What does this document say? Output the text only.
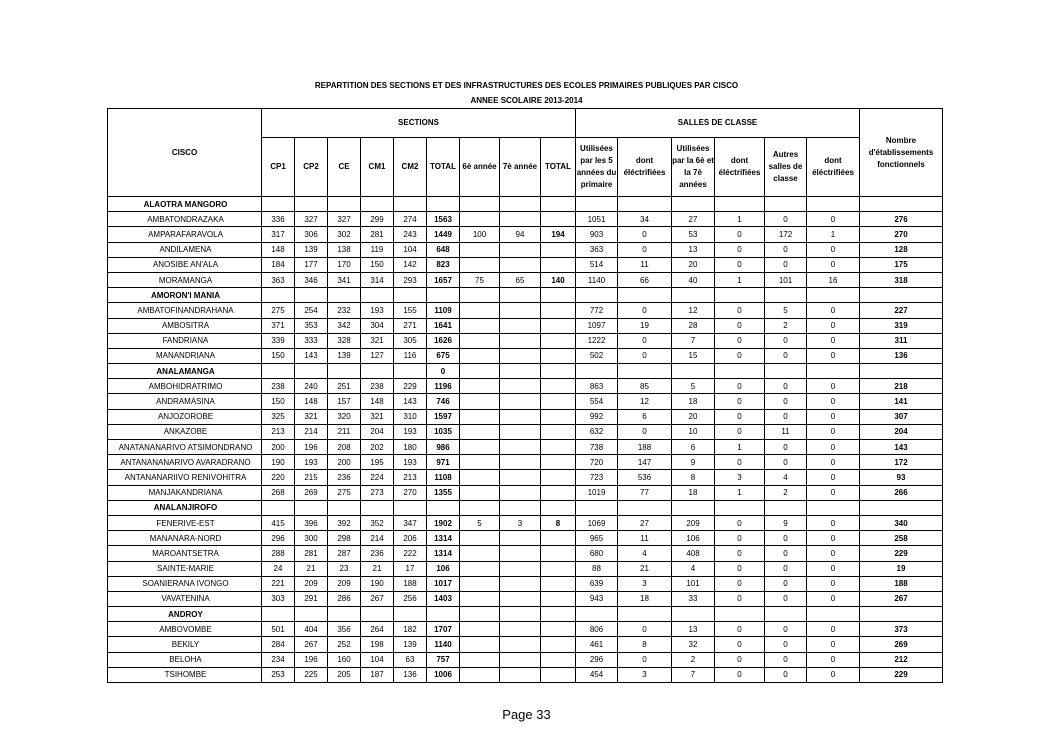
REPARTITION DES SECTIONS ET DES INFRASTRUCTURES DES ECOLES PRIMAIRES PUBLIQUES PAR CISCO
ANNEE SCOLAIRE 2013-2014
CISCO	SECTIONS									SALLES DE CLASSE						Nombre d'établissements fonctionnels
	CP1	CP2	CE	CM1	CM2	TOTAL	6è année	7è année	TOTAL	Utilisées par les 5 années du primaire	dont éléctrifiées	Utilisées par la 6è et la 7è années	dont éléctrifiées	Autres salles de classe	dont éléctrifiées	
ALAOTRA MANGORO																
AMBATONDRAZAKA	336	327	327	299	274	1563				1051	34	27	1	0	0	276
AMPARAFARAVOLA	317	306	302	281	243	1449	100	94	194	903	0	53	0	172	1	270
ANDILAMENA	148	139	138	119	104	648				363	0	13	0	0	0	128
ANOSIBE AN'ALA	184	177	170	150	142	823				514	11	20	0	0	0	175
MORAMANGA	363	346	341	314	293	1657	75	65	140	1140	66	40	1	101	16	318
AMORON'I MANIA																
AMBATOFINANDRAHANA	275	254	232	193	155	1109				772	0	12	0	5	0	227
AMBOSITRA	371	353	342	304	271	1641				1097	19	28	0	2	0	319
FANDRIANA	339	333	328	321	305	1626				1222	0	7	0	0	0	311
MANANDRIANA	150	143	139	127	116	675				502	0	15	0	0	0	136
ANALAMANGA						0										
AMBOHIDRATRIMO	238	240	251	238	229	1196				863	85	5	0	0	0	218
ANDRAMASINA	150	148	157	148	143	746				554	12	18	0	0	0	141
ANJOZOROBE	325	321	320	321	310	1597				992	6	20	0	0	0	307
ANKAZOBE	213	214	211	204	193	1035				632	0	10	0	11	0	204
ANATANANARIVO ATSIMONDRANO	200	196	208	202	180	986				738	188	6	1	0	0	143
ANTANANANARIVO AVARADRANO	190	193	200	195	193	971				720	147	9	0	0	0	172
ANTANANARIIVO RENIVOHITRA	220	215	236	224	213	1108				723	536	8	3	4	0	93
MANJAKANDRIANA	268	269	275	273	270	1355				1019	77	18	1	2	0	266
ANALANJIROFO																
FENERIVE-EST	415	396	392	352	347	1902	5	3	8	1069	27	209	0	9	0	340
MANANARA-NORD	296	300	298	214	206	1314				965	11	106	0	0	0	258
MAROANTSETRA	288	281	287	236	222	1314				680	4	408	0	0	0	229
SAINTE-MARIE	24	21	23	21	17	106				88	21	4	0	0	0	19
SOANIERANA IVONGO	221	209	209	190	188	1017				639	3	101	0	0	0	188
VAVATENINA	303	291	286	267	256	1403				943	18	33	0	0	0	267
ANDROY																
AMBOVOMBE	501	404	356	264	182	1707				806	0	13	0	0	0	373
BEKILY	284	267	252	198	139	1140				461	8	32	0	0	0	269
BELOHA	234	196	160	104	63	757				296	0	2	0	0	0	212
TSIHOMBE	253	225	205	187	136	1006				454	3	7	0	0	0	229
Page 33
